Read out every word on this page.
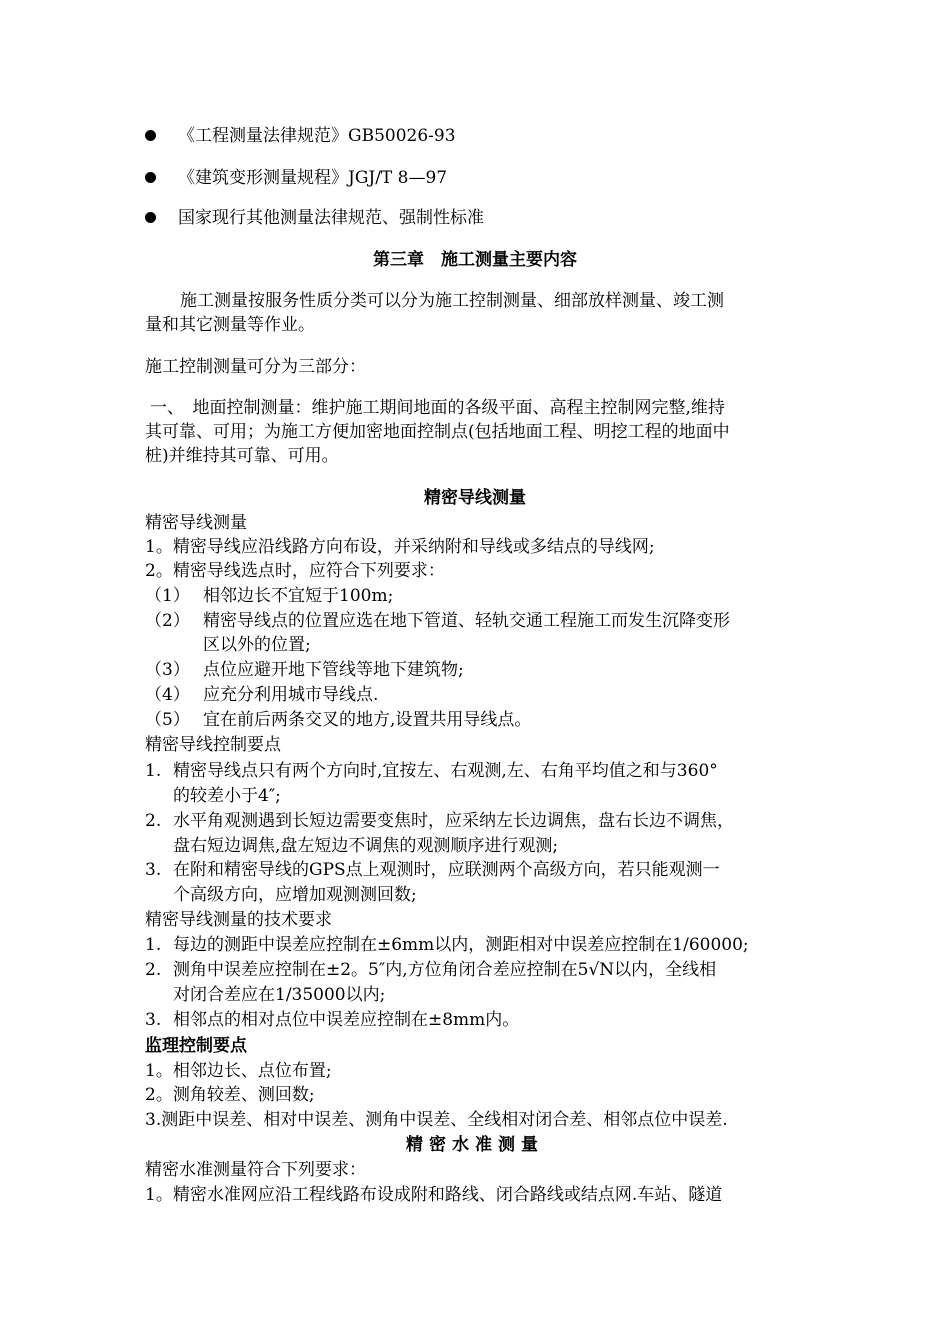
《工程测量法律规范》GB50026-93
《建筑变形测量规程》JGJ/T 8—97
国家现行其他测量法律规范、强制性标准
第三章　施工测量主要内容
施工测量按服务性质分类可以分为施工控制测量、细部放样测量、竣工测
量和其它测量等作业。
施工控制测量可分为三部分：
一、　地面控制测量：维护施工期间地面的各级平面、高程主控制网完整,维持
其可靠、可用；为施工方便加密地面控制点(包括地面工程、明挖工程的地面中
桩)并维持其可靠、可用。
精密导线测量
精密导线测量
1。精密导线应沿线路方向布设，并采纳附和导线或多结点的导线网;
2。精密导线选点时，应符合下列要求：
（1） 相邻边长不宜短于100m;
（2） 精密导线点的位置应选在地下管道、轻轨交通工程施工而发生沉降变形
区以外的位置;
（3） 点位应避开地下管线等地下建筑物;
（4） 应充分利用城市导线点.
（5） 宜在前后两条交叉的地方,设置共用导线点。
精密导线控制要点
1. 精密导线点只有两个方向时,宜按左、右观测,左、右角平均值之和与360°
的较差小于4″;
2. 水平角观测遇到长短边需要变焦时，应采纳左长边调焦，盘右长边不调焦，
盘右短边调焦,盘左短边不调焦的观测顺序进行观测;
3. 在附和精密导线的GPS点上观测时，应联测两个高级方向，若只能观测一
个高级方向，应增加观测测回数;
精密导线测量的技术要求
1. 每边的测距中误差应控制在±6mm以内，测距相对中误差应控制在1/60000;
2. 测角中误差应控制在±2。5″内,方位角闭合差应控制在5√N以内，全线相
对闭合差应在1/35000以内;
3. 相邻点的相对点位中误差应控制在±8mm内。
监理控制要点
1。相邻边长、点位布置;
2。测角较差、测回数;
3.测距中误差、相对中误差、测角中误差、全线相对闭合差、相邻点位中误差.
精密水准测量
精密水准测量符合下列要求：
1。精密水准网应沿工程线路布设成附和路线、闭合路线或结点网.车站、隧道
